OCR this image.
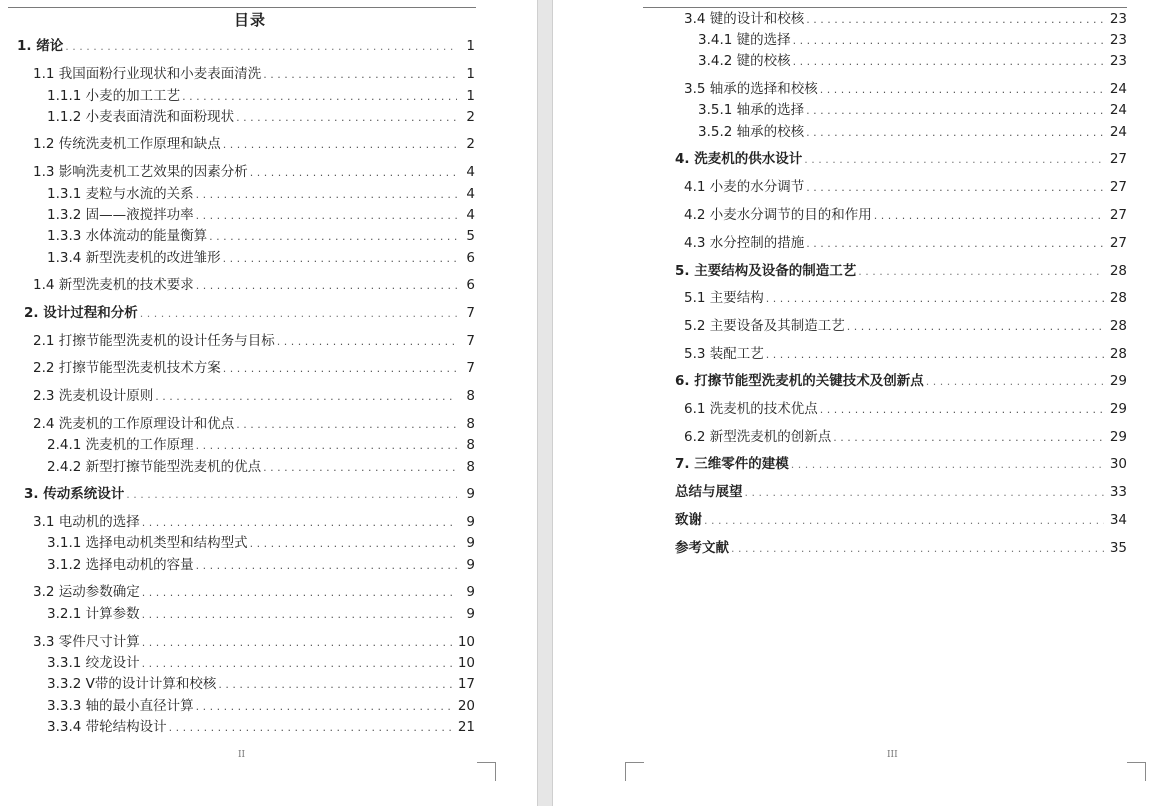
目录
1. 绪论 . . .	1
1.1 我国面粉行业现状和小麦表面清洗 . . .	1
1.1.1 小麦的加工工艺 . . .	1
1.1.2 小麦表面清洗和面粉现状 . . .	2
1.2 传统洗麦机工作原理和缺点 . . .	2
1.3 影响洗麦机工艺效果的因素分析 . . .	4
1.3.1 麦粒与水流的关系 . . .	4
1.3.2 固——液搅拌功率 . . .	4
1.3.3 水体流动的能量衡算 . . .	5
1.3.4 新型洗麦机的改进雏形 . . .	6
1.4 新型洗麦机的技术要求 . . .	6
2. 设计过程和分析 . . .	7
2.1 打擦节能型洗麦机的设计任务与目标 . . .	7
2.2 打擦节能型洗麦机技术方案 . . .	7
2.3 洗麦机设计原则 . . .	8
2.4 洗麦机的工作原理设计和优点 . . .	8
2.4.1 洗麦机的工作原理 . . .	8
2.4.2 新型打擦节能型洗麦机的优点 . . .	8
3. 传动系统设计 . . .	9
3.1 电动机的选择 . . .	9
3.1.1 选择电动机类型和结构型式 . . .	9
3.1.2 选择电动机的容量 . . .	9
3.2 运动参数确定 . . .	9
3.2.1 计算参数 . . .	9
3.3 零件尺寸计算 . . .	10
3.3.1 绞龙设计 . . .	10
3.3.2 V带的设计计算和校核 . . .	17
3.3.3 轴的最小直径计算 . . .	20
3.3.4 带轮结构设计 . . .	21
II
3.4 键的设计和校核 . . .	23
3.4.1 键的选择 . . .	23
3.4.2 键的校核 . . .	23
3.5 轴承的选择和校核 . . .	24
3.5.1 轴承的选择 . . .	24
3.5.2 轴承的校核 . . .	24
4. 洗麦机的供水设计 . . .	27
4.1 小麦的水分调节 . . .	27
4.2 小麦水分调节的目的和作用 . . .	27
4.3 水分控制的措施 . . .	27
5. 主要结构及设备的制造工艺 . . .	28
5.1 主要结构 . . .	28
5.2 主要设备及其制造工艺 . . .	28
5.3 装配工艺 . . .	28
6. 打擦节能型洗麦机的关键技术及创新点 . . .	29
6.1 洗麦机的技术优点 . . .	29
6.2 新型洗麦机的创新点 . . .	29
7. 三维零件的建模 . . .	30
总结与展望 . . .	33
致谢 . . .	34
参考文献 . . .	35
III
